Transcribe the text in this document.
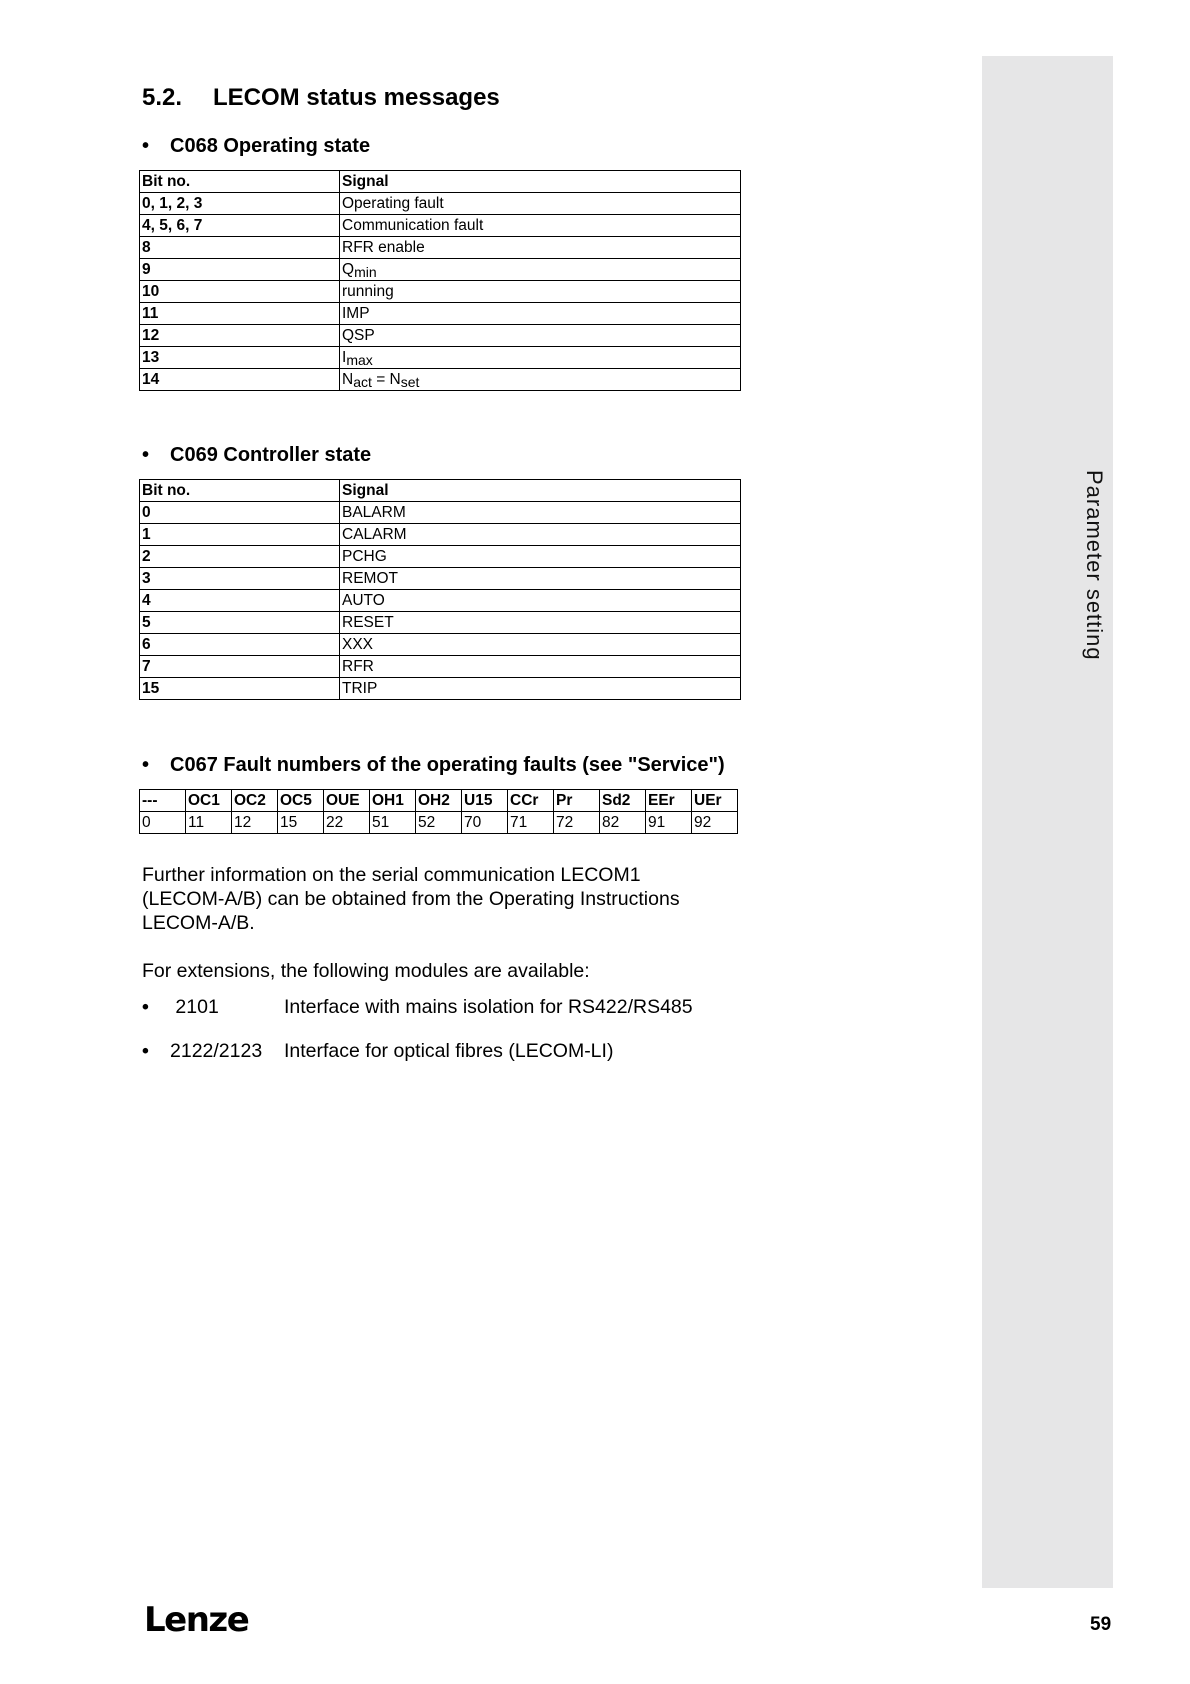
Parameter setting
5.2. LECOM status messages
• C068 Operating state
Bit no.	Signal
0, 1, 2, 3	Operating fault
4, 5, 6, 7	Communication fault
8	RFR enable
9	$Q_{min}$
10	running
11	IMP
12	QSP
13	$I_{max}$
14	$N_{act} = N_{set}$
• C069 Controller state
Bit no.	Signal
0	BALARM
1	CALARM
2	PCHG
3	REMOT
4	AUTO
5	RESET
6	XXX
7	RFR
15	TRIP
• C067 Fault numbers of the operating faults (see "Service")
---	OC1	OC2	OC5	OUE	OH1	OH2	U15	CCr	Pr	Sd2	EEr	UEr
0	11	12	15	22	51	52	70	71	72	82	91	92
Further information on the serial communication LECOM1
(LECOM-A/B) can be obtained from the Operating Instructions
LECOM-A/B.
For extensions, the following modules are available:
• 2101	Interface with mains isolation for RS422/RS485
• 2122/2123 Interface for optical fibres (LECOM-LI)
Lenze	59
